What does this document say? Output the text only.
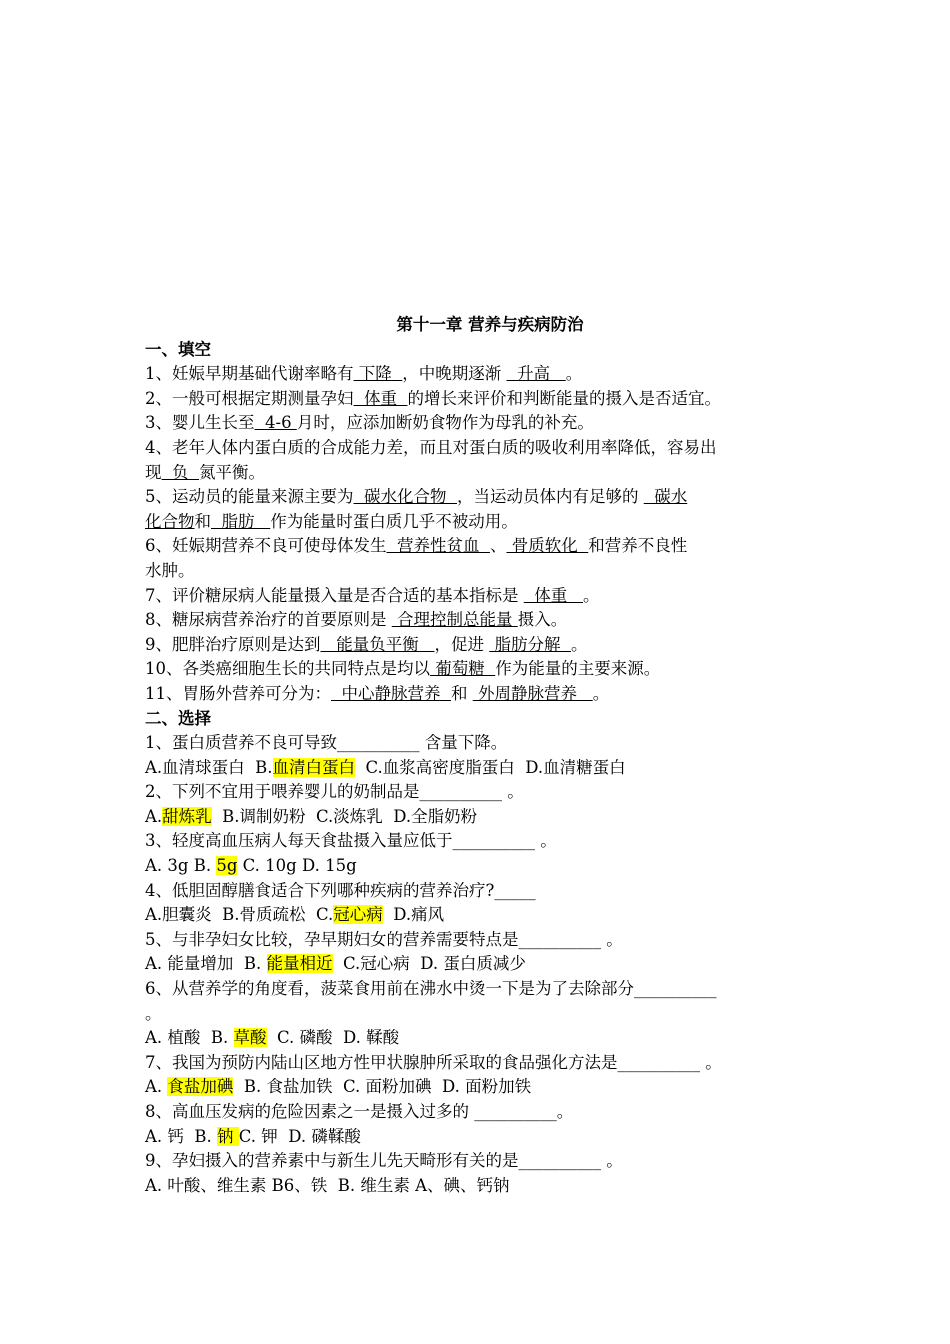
第十一章 营养与疾病防治
一、填空
1、妊娠早期基础代谢率略有 下降  ，中晚期逐渐   升高   。
2、一般可根据定期测量孕妇  体重  的增长来评价和判断能量的摄入是否适宜。
3、婴儿生长至  4-6 月时，应添加断奶食物作为母乳的补充。
4、老年人体内蛋白质的合成能力差，而且对蛋白质的吸收利用率降低，容易出
现  负  氮平衡。
5、运动员的能量来源主要为  碳水化合物  ，当运动员体内有足够的   碳水
化合物和  脂肪   作为能量时蛋白质几乎不被动用。
6、妊娠期营养不良可使母体发生  营养性贫血  、 骨质软化  和营养不良性
水肿。
7、评价糖尿病人能量摄入量是否合适的基本指标是   体重   。
8、糖尿病营养治疗的首要原则是  合理控制总能量 摄入。
9、肥胖治疗原则是达到   能量负平衡   ，促进  脂肪分解  。
10、各类癌细胞生长的共同特点是均以 葡萄糖  作为能量的主要来源。
11、胃肠外营养可分为：  中心静脉营养  和  外周静脉营养   。
二、选择
1、蛋白质营养不良可导致__________ 含量下降。
A.血清球蛋白  B.血清白蛋白  C.血浆高密度脂蛋白  D.血清糖蛋白
2、下列不宜用于喂养婴儿的奶制品是__________ 。
A.甜炼乳  B.调制奶粉  C.淡炼乳  D.全脂奶粉
3、轻度高血压病人每天食盐摄入量应低于__________ 。
A. 3g B. 5g C. 10g D. 15g
4、低胆固醇膳食适合下列哪种疾病的营养治疗?_____
A.胆囊炎  B.骨质疏松  C.冠心病  D.痛风
5、与非孕妇女比较，孕早期妇女的营养需要特点是__________ 。
A. 能量增加  B. 能量相近  C.冠心病  D. 蛋白质减少
6、从营养学的角度看，菠菜食用前在沸水中烫一下是为了去除部分__________
。
A. 植酸  B. 草酸  C. 磷酸  D. 鞣酸
7、我国为预防内陆山区地方性甲状腺肿所采取的食品强化方法是__________ 。
A. 食盐加碘  B. 食盐加铁  C. 面粉加碘  D. 面粉加铁
8、高血压发病的危险因素之一是摄入过多的 __________。
A. 钙  B. 钠 C. 钾  D. 磷鞣酸
9、孕妇摄入的营养素中与新生儿先天畸形有关的是__________ 。
A. 叶酸、维生素 B6、铁  B. 维生素 A、碘、钙钠
